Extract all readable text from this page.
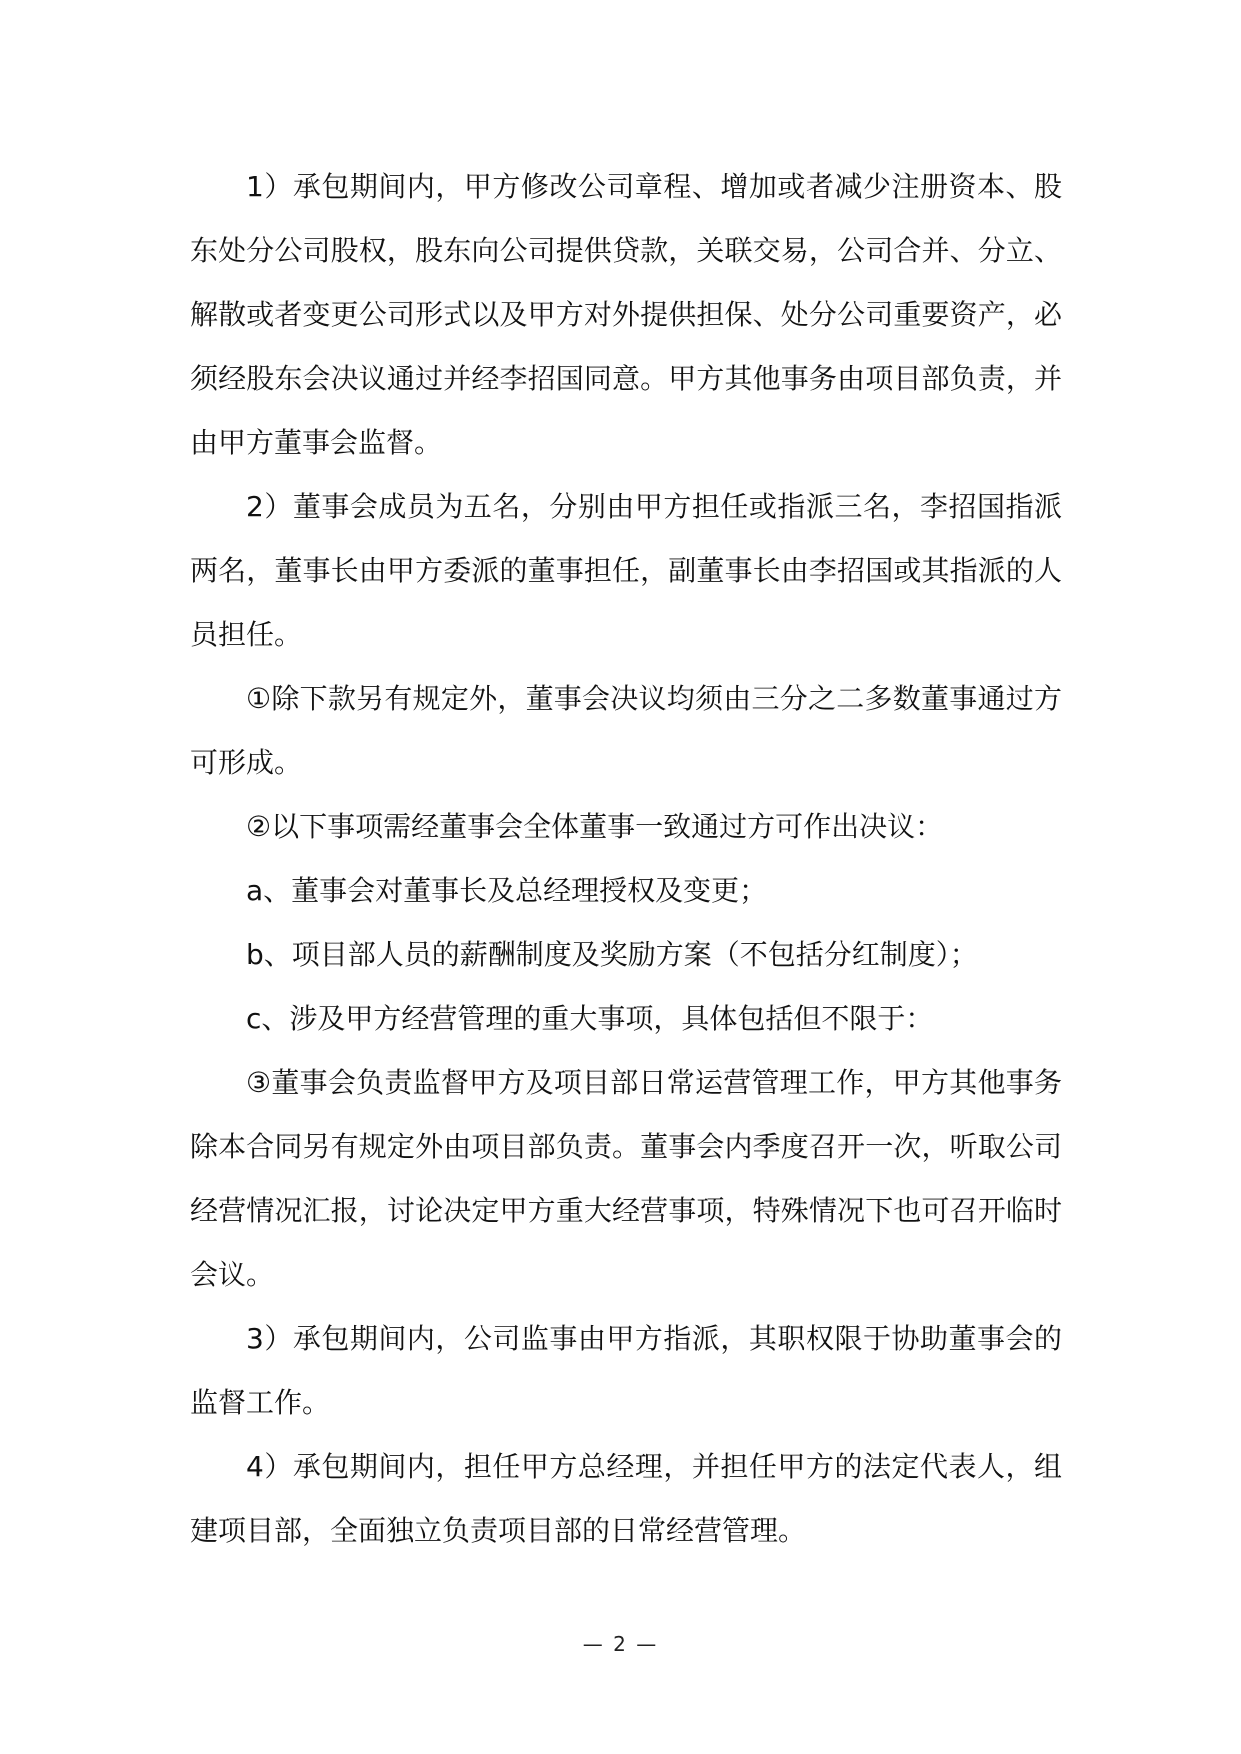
1）承包期间内，甲方修改公司章程、增加或者减少注册资本、股东处分公司股权，股东向公司提供贷款，关联交易，公司合并、分立、解散或者变更公司形式以及甲方对外提供担保、处分公司重要资产，必须经股东会决议通过并经李招国同意。甲方其他事务由项目部负责，并由甲方董事会监督。

2）董事会成员为五名，分别由甲方担任或指派三名，李招国指派两名，董事长由甲方委派的董事担任，副董事长由李招国或其指派的人员担任。

①除下款另有规定外，董事会决议均须由三分之二多数董事通过方可形成。

②以下事项需经董事会全体董事一致通过方可作出决议：

a、董事会对董事长及总经理授权及变更；

b、项目部人员的薪酬制度及奖励方案（不包括分红制度）；

c、涉及甲方经营管理的重大事项，具体包括但不限于：

③董事会负责监督甲方及项目部日常运营管理工作，甲方其他事务除本合同另有规定外由项目部负责。董事会内季度召开一次，听取公司经营情况汇报，讨论决定甲方重大经营事项，特殊情况下也可召开临时会议。

3）承包期间内，公司监事由甲方指派，其职权限于协助董事会的监督工作。

4）承包期间内，担任甲方总经理，并担任甲方的法定代表人，组建项目部，全面独立负责项目部的日常经营管理。

— 2 —
